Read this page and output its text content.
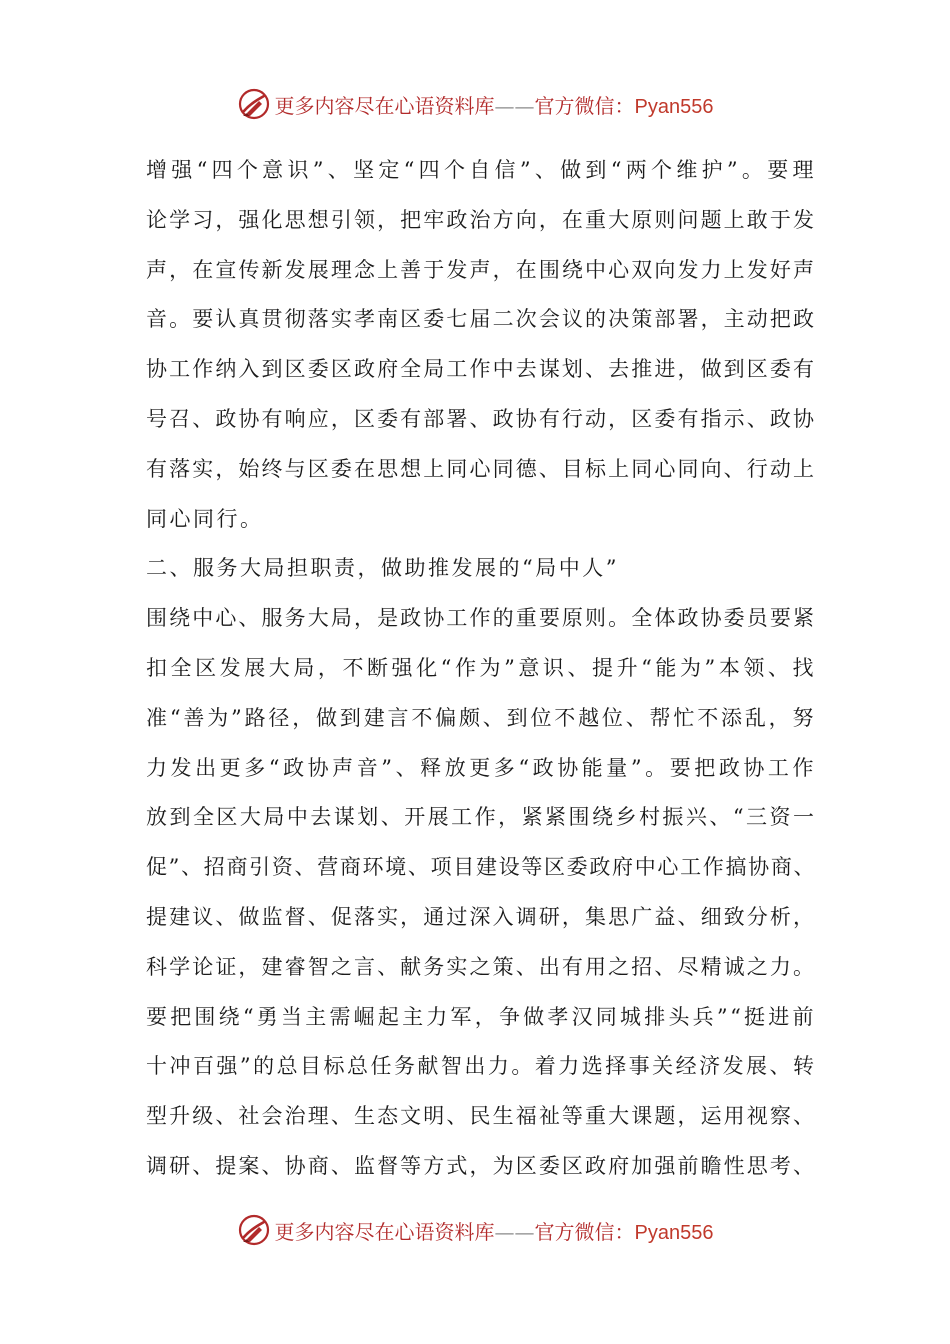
更多内容尽在心语资料库——官方微信：Pyan556
增强“四个意识”、坚定“四个自信”、做到“两个维护”。要理
论学习，强化思想引领，把牢政治方向，在重大原则问题上敢于发
声，在宣传新发展理念上善于发声，在围绕中心双向发力上发好声
音。要认真贯彻落实孝南区委七届二次会议的决策部署，主动把政
协工作纳入到区委区政府全局工作中去谋划、去推进，做到区委有
号召、政协有响应，区委有部署、政协有行动，区委有指示、政协
有落实，始终与区委在思想上同心同德、目标上同心同向、行动上
同心同行。
二、服务大局担职责，做助推发展的“局中人”
围绕中心、服务大局，是政协工作的重要原则。全体政协委员要紧
扣全区发展大局，不断强化“作为”意识、提升“能为”本领、找
准“善为”路径，做到建言不偏颇、到位不越位、帮忙不添乱，努
力发出更多“政协声音”、释放更多“政协能量”。要把政协工作
放到全区大局中去谋划、开展工作，紧紧围绕乡村振兴、“三资一
促”、招商引资、营商环境、项目建设等区委政府中心工作搞协商、
提建议、做监督、促落实，通过深入调研，集思广益、细致分析，
科学论证，建睿智之言、献务实之策、出有用之招、尽精诚之力。
要把围绕“勇当主需崛起主力军，争做孝汉同城排头兵”“挺进前
十冲百强”的总目标总任务献智出力。着力选择事关经济发展、转
型升级、社会治理、生态文明、民生福祉等重大课题，运用视察、
调研、提案、协商、监督等方式，为区委区政府加强前瞻性思考、
更多内容尽在心语资料库——官方微信：Pyan556
